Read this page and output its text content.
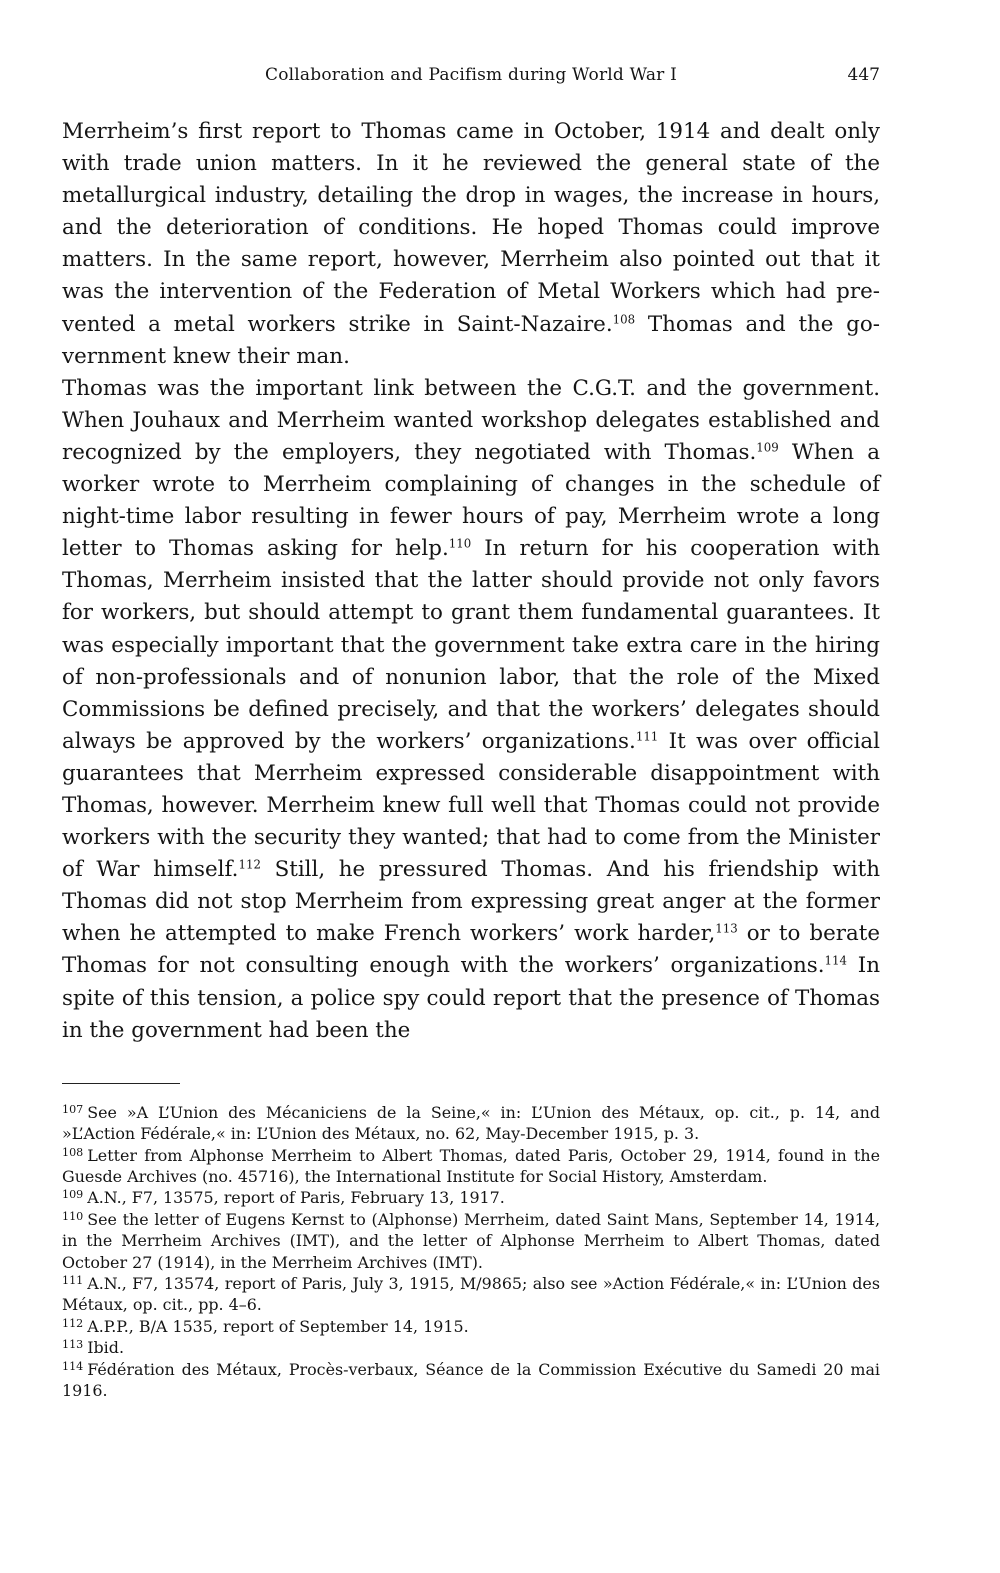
Collaboration and Pacifism during World War I	447

Merrheim’s first report to Thomas came in October, 1914 and dealt only with trade union matters. In it he reviewed the general state of the metallurgical industry, detailing the drop in wages, the increase in hours, and the deterioration of conditions. He hoped Thomas could improve matters. In the same report, however, Merrheim also pointed out that it was the intervention of the Federation of Metal Workers which had prevented a metal workers strike in Saint-Nazaire.$^{108}$ Thomas and the government knew their man.

Thomas was the important link between the C.G.T. and the government. When Jouhaux and Merrheim wanted workshop delegates established and recognized by the employers, they negotiated with Thomas.$^{109}$ When a worker wrote to Merrheim complaining of changes in the schedule of night-time labor resulting in fewer hours of pay, Merrheim wrote a long letter to Thomas asking for help.$^{110}$ In return for his cooperation with Thomas, Merrheim insisted that the latter should provide not only favors for workers, but should attempt to grant them fundamental guarantees. It was especially important that the government take extra care in the hiring of non-professionals and of nonunion labor, that the role of the Mixed Commissions be defined precisely, and that the workers’ delegates should always be approved by the workers’ organizations.$^{111}$ It was over official guarantees that Merrheim expressed considerable disappointment with Thomas, however. Merrheim knew full well that Thomas could not provide workers with the security they wanted; that had to come from the Minister of War himself.$^{112}$ Still, he pressured Thomas. And his friendship with Thomas did not stop Merrheim from expressing great anger at the former when he attempted to make French workers’ work harder,$^{113}$ or to berate Thomas for not consulting enough with the workers’ organizations.$^{114}$ In spite of this tension, a police spy could report that the presence of Thomas in the government had been the

$^{107}$ See »A L’Union des Mécaniciens de la Seine,« in: L’Union des Métaux, op. cit., p. 14, and »L’Action Fédérale,« in: L’Union des Métaux, no. 62, May-December 1915, p. 3.

$^{108}$ Letter from Alphonse Merrheim to Albert Thomas, dated Paris, October 29, 1914, found in the Guesde Archives (no. 45716), the International Institute for Social History, Amsterdam.

$^{109}$ A.N., F7, 13575, report of Paris, February 13, 1917.

$^{110}$ See the letter of Eugens Kernst to (Alphonse) Merrheim, dated Saint Mans, September 14, 1914, in the Merrheim Archives (IMT), and the letter of Alphonse Merrheim to Albert Thomas, dated October 27 (1914), in the Merrheim Archives (IMT).

$^{111}$ A.N., F7, 13574, report of Paris, July 3, 1915, M/9865; also see »Action Fédérale,« in: L’Union des Métaux, op. cit., pp. 4–6.

$^{112}$ A.P.P., B/A 1535, report of September 14, 1915.

$^{113}$ Ibid.

$^{114}$ Fédération des Métaux, Procès-verbaux, Séance de la Commission Exécutive du Samedi 20 mai 1916.
